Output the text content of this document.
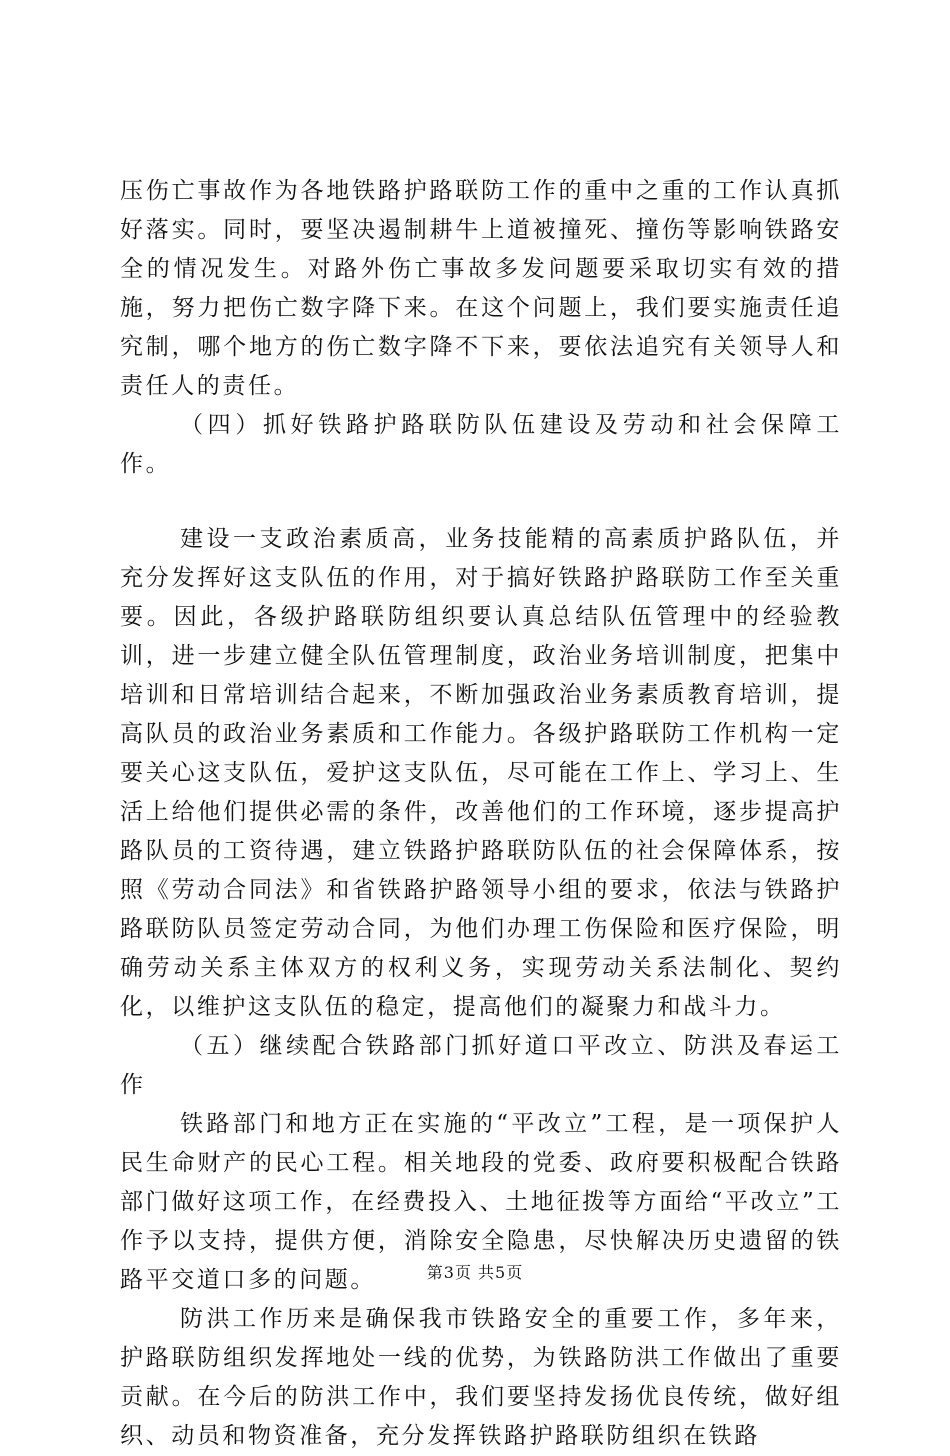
压伤亡事故作为各地铁路护路联防工作的重中之重的工作认真抓好落实。同时，要坚决遏制耕牛上道被撞死、撞伤等影响铁路安全的情况发生。对路外伤亡事故多发问题要采取切实有效的措施，努力把伤亡数字降下来。在这个问题上，我们要实施责任追究制，哪个地方的伤亡数字降不下来，要依法追究有关领导人和责任人的责任。

（四）抓好铁路护路联防队伍建设及劳动和社会保障工作。

建设一支政治素质高，业务技能精的高素质护路队伍，并充分发挥好这支队伍的作用，对于搞好铁路护路联防工作至关重要。因此，各级护路联防组织要认真总结队伍管理中的经验教训，进一步建立健全队伍管理制度，政治业务培训制度，把集中培训和日常培训结合起来，不断加强政治业务素质教育培训，提高队员的政治业务素质和工作能力。各级护路联防工作机构一定要关心这支队伍，爱护这支队伍，尽可能在工作上、学习上、生活上给他们提供必需的条件，改善他们的工作环境，逐步提高护路队员的工资待遇，建立铁路护路联防队伍的社会保障体系，按照《劳动合同法》和省铁路护路领导小组的要求，依法与铁路护路联防队员签定劳动合同，为他们办理工伤保险和医疗保险，明确劳动关系主体双方的权利义务，实现劳动关系法制化、契约化，以维护这支队伍的稳定，提高他们的凝聚力和战斗力。

（五）继续配合铁路部门抓好道口平改立、防洪及春运工作

铁路部门和地方正在实施的“平改立”工程，是一项保护人民生命财产的民心工程。相关地段的党委、政府要积极配合铁路部门做好这项工作，在经费投入、土地征拨等方面给“平改立”工作予以支持，提供方便，消除安全隐患，尽快解决历史遗留的铁路平交道口多的问题。

防洪工作历来是确保我市铁路安全的重要工作，多年来，护路联防组织发挥地处一线的优势，为铁路防洪工作做出了重要贡献。在今后的防洪工作中，我们要坚持发扬优良传统，做好组织、动员和物资准备，充分发挥铁路护路联防组织在铁路

第3页 共5页
